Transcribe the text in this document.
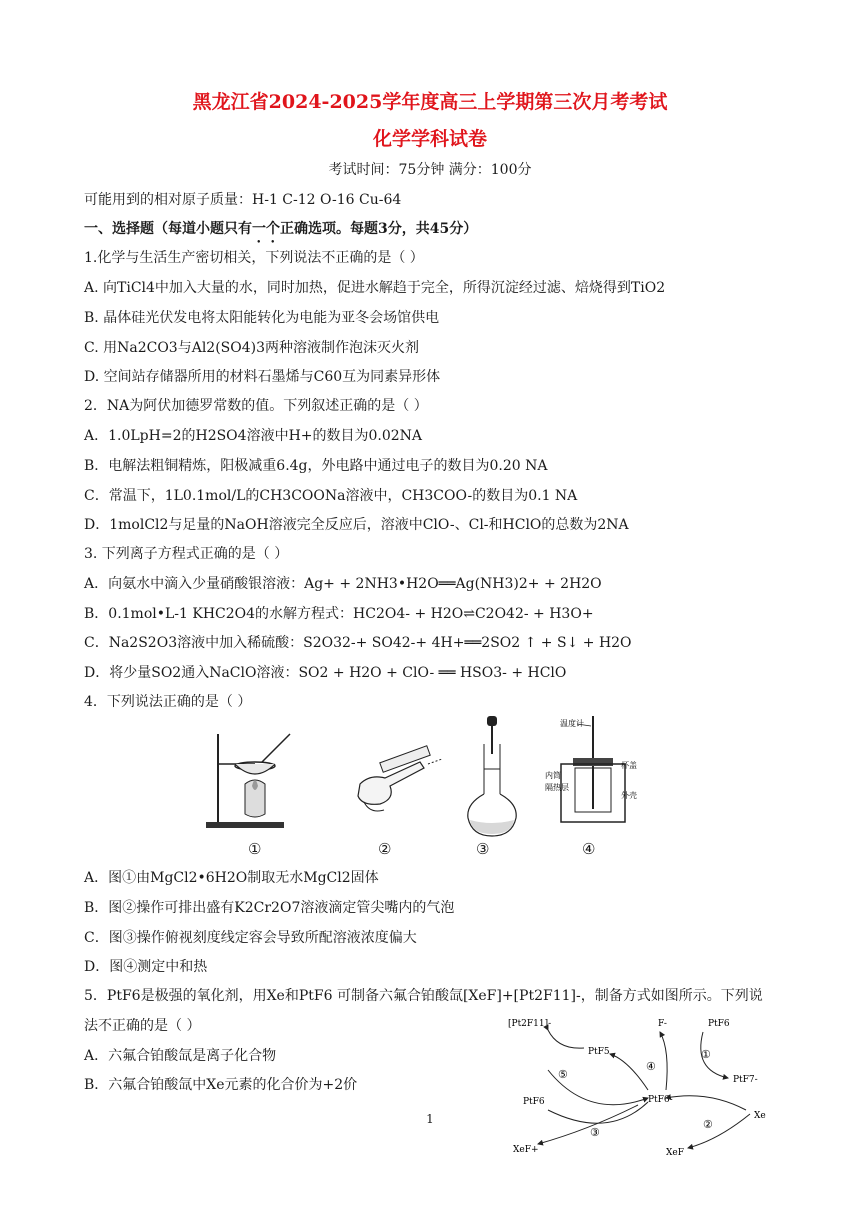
黑龙江省2024-2025学年度高三上学期第三次月考考试
化学学科试卷
考试时间：75分钟 满分：100分
可能用到的相对原子质量：H-1 C-12 O-16 Cu-64
一、选择题（每道小题只有一个正确选项。每题3分，共45分）
1.化学与生活生产密切相关，下列说法不正确的是（ ）
A. 向TiCl4中加入大量的水，同时加热，促进水解趋于完全，所得沉淀经过滤、焙烧得到TiO2
B. 晶体硅光伏发电将太阳能转化为电能为亚冬会场馆供电
C. 用Na2CO3与Al2(SO4)3两种溶液制作泡沫灭火剂
D. 空间站存储器所用的材料石墨烯与C60互为同素异形体
2．NA为阿伏加德罗常数的值。下列叙述正确的是（ ）
A．1.0LpH=2的H2SO4溶液中H+的数目为0.02NA
B．电解法粗铜精炼，阳极减重6.4g，外电路中通过电子的数目为0.20 NA
C．常温下，1L0.1mol/L的CH3COONa溶液中，CH3COO-的数目为0.1 NA
D．1molCl2与足量的NaOH溶液完全反应后，溶液中ClO-、Cl-和HClO的总数为2NA
3. 下列离子方程式正确的是（ ）
A．向氨水中滴入少量硝酸银溶液：Ag+ + 2NH3•H2O══Ag(NH3)2+ + 2H2O
B．0.1mol•L-1 KHC2O4的水解方程式：HC2O4- + H2O⇌C2O42- + H3O+
C．Na2S2O3溶液中加入稀硫酸：S2O32-+ SO42-+ 4H+══2SO2 ↑ + S↓ + H2O
D．将少量SO2通入NaClO溶液：SO2 + H2O + ClO- ══ HSO3- + HClO
4．下列说法正确的是（ ）
温度计
杯盖
内筒
隔热层
外壳
①	②	③	④
A．图①由MgCl2•6H2O制取无水MgCl2固体
B．图②操作可排出盛有K2Cr2O7溶液滴定管尖嘴内的气泡
C．图③操作俯视刻度线定容会导致所配溶液浓度偏大
D．图④测定中和热
5．PtF6是极强的氧化剂，用Xe和PtF6 可制备六氟合铂酸氙[XeF]+[Pt2F11]-，制备方式如图所示。下列说
法不正确的是（ ）
A．六氟合铂酸氙是离子化合物
B．六氟合铂酸氙中Xe元素的化合价为+2价
[Pt2F11]-	F-	PtF6
PtF5
PtF7-
PtF6-
PtF6
Xe
XeF+	XeF
①
②
③
④
⑤
1
